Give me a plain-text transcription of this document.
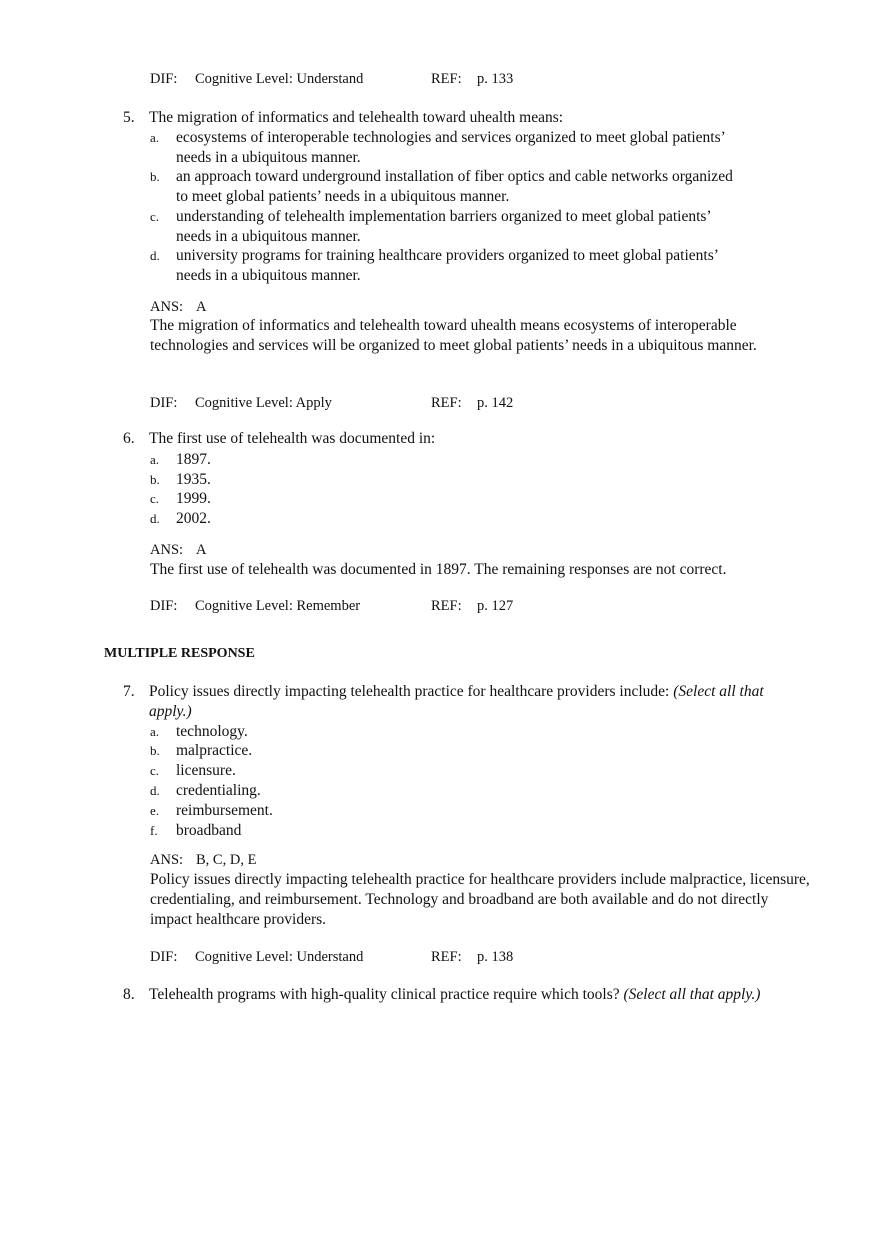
DIF: Cognitive Level: Understand	REF: p. 133
5. The migration of informatics and telehealth toward uhealth means:
a. ecosystems of interoperable technologies and services organized to meet global patients’ needs in a ubiquitous manner.
b. an approach toward underground installation of fiber optics and cable networks organized to meet global patients’ needs in a ubiquitous manner.
c. understanding of telehealth implementation barriers organized to meet global patients’ needs in a ubiquitous manner.
d. university programs for training healthcare providers organized to meet global patients’ needs in a ubiquitous manner.
ANS: A
The migration of informatics and telehealth toward uhealth means ecosystems of interoperable technologies and services will be organized to meet global patients’ needs in a ubiquitous manner.
DIF: Cognitive Level: Apply	REF: p. 142
6. The first use of telehealth was documented in:
a. 1897.
b. 1935.
c. 1999.
d. 2002.
ANS: A
The first use of telehealth was documented in 1897. The remaining responses are not correct.
DIF: Cognitive Level: Remember	REF: p. 127
MULTIPLE RESPONSE
7. Policy issues directly impacting telehealth practice for healthcare providers include: (Select all that apply.)
a. technology.
b. malpractice.
c. licensure.
d. credentialing.
e. reimbursement.
f. broadband
ANS: B, C, D, E
Policy issues directly impacting telehealth practice for healthcare providers include malpractice, licensure, credentialing, and reimbursement. Technology and broadband are both available and do not directly impact healthcare providers.
DIF: Cognitive Level: Understand	REF: p. 138
8. Telehealth programs with high-quality clinical practice require which tools? (Select all that apply.)
